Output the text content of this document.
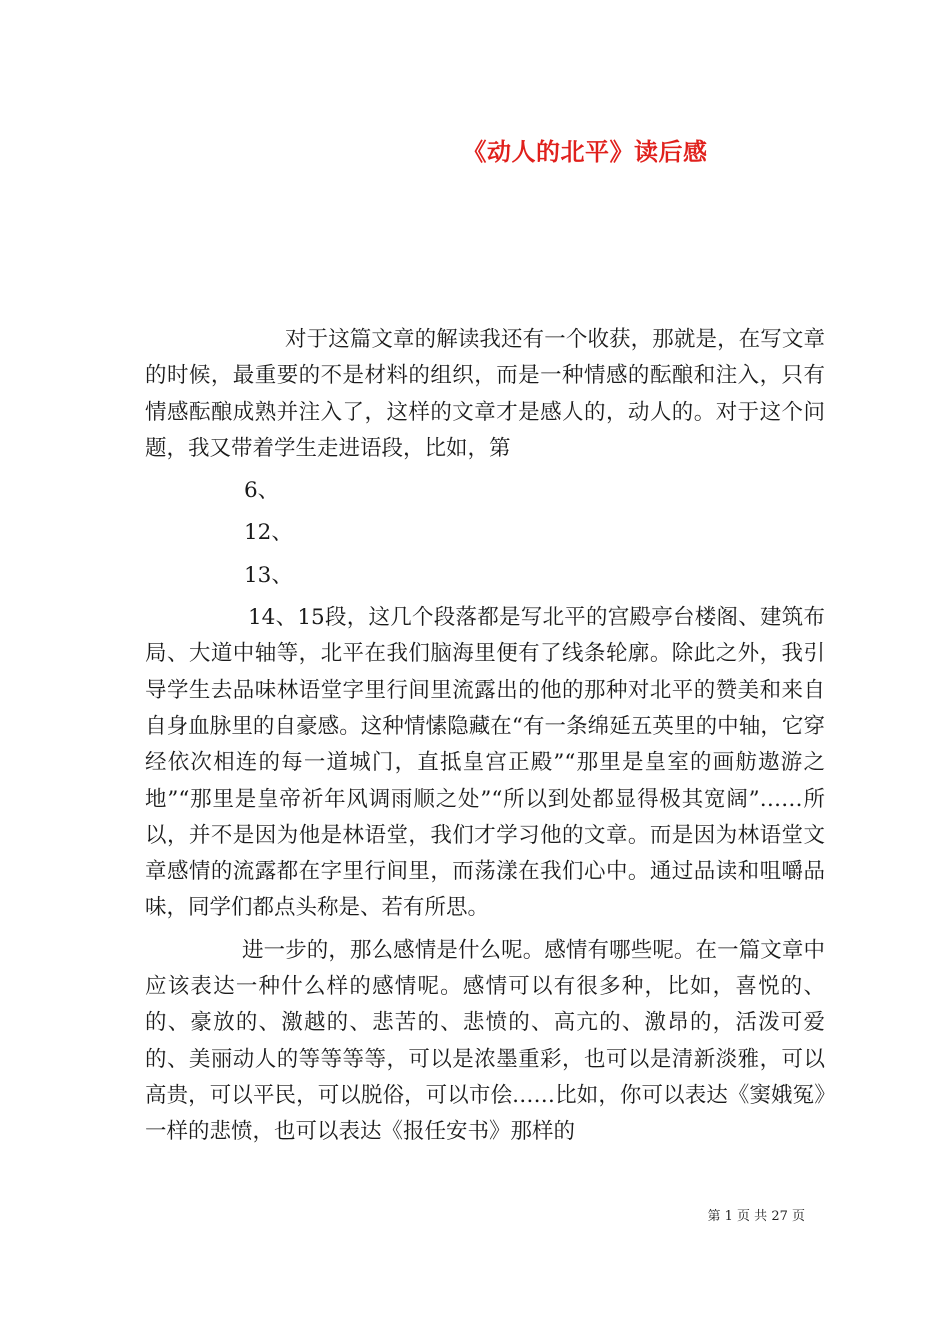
《动人的北平》读后感

对于这篇文章的解读我还有一个收获，那就是，在写文章的时候，最重要的不是材料的组织，而是一种情感的酝酿和注入，只有情感酝酿成熟并注入了，这样的文章才是感人的，动人的。对于这个问题，我又带着学生走进语段，比如，第

6、

12、

13、

14、15段，这几个段落都是写北平的宫殿亭台楼阁、建筑布局、大道中轴等，北平在我们脑海里便有了线条轮廓。除此之外，我引导学生去品味林语堂字里行间里流露出的他的那种对北平的赞美和来自自身血脉里的自豪感。这种情愫隐藏在“有一条绵延五英里的中轴，它穿经依次相连的每一道城门，直抵皇宫正殿”“那里是皇室的画舫遨游之地”“那里是皇帝祈年风调雨顺之处”“所以到处都显得极其宽阔”……所以，并不是因为他是林语堂，我们才学习他的文章。而是因为林语堂文章感情的流露都在字里行间里，而荡漾在我们心中。通过品读和咀嚼品味，同学们都点头称是、若有所思。

进一步的，那么感情是什么呢。感情有哪些呢。在一篇文章中应该表达一种什么样的感情呢。感情可以有很多种，比如，喜悦的、的、豪放的、激越的、悲苦的、悲愤的、高亢的、激昂的，活泼可爱的、美丽动人的等等等等，可以是浓墨重彩，也可以是清新淡雅，可以高贵，可以平民，可以脱俗，可以市侩……比如，你可以表达《窦娥冤》一样的悲愤，也可以表达《报任安书》那样的

第 1 页 共 27 页
